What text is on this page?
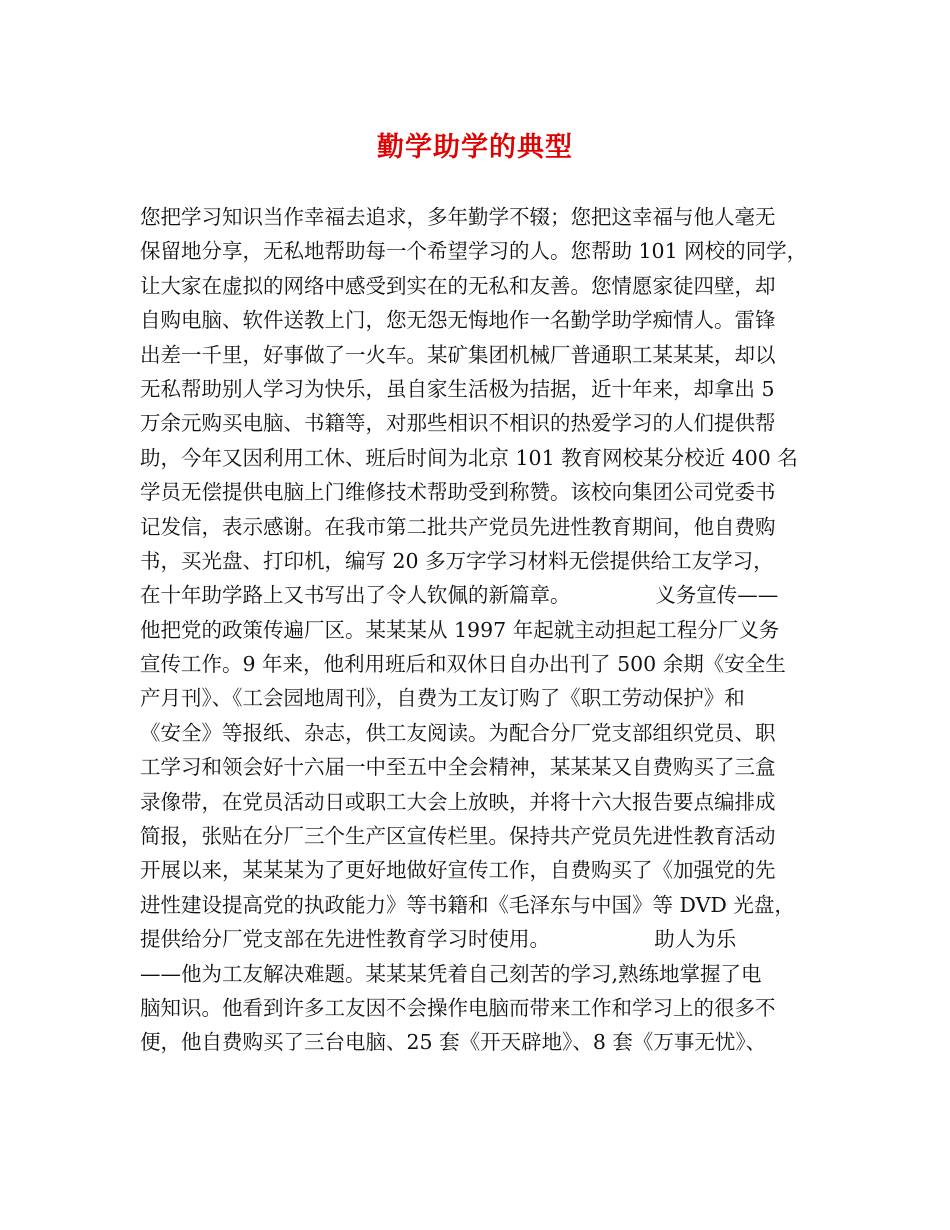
勤学助学的典型
您把学习知识当作幸福去追求，多年勤学不辍；您把这幸福与他人毫无
保留地分享，无私地帮助每一个希望学习的人。您帮助 101 网校的同学，
让大家在虚拟的网络中感受到实在的无私和友善。您情愿家徒四壁，却
自购电脑、软件送教上门，您无怨无悔地作一名勤学助学痴情人。雷锋
出差一千里，好事做了一火车。某矿集团机械厂普通职工某某某，却以
无私帮助别人学习为快乐，虽自家生活极为拮据，近十年来，却拿出 5
万余元购买电脑、书籍等，对那些相识不相识的热爱学习的人们提供帮
助，今年又因利用工休、班后时间为北京 101 教育网校某分校近 400 名
学员无偿提供电脑上门维修技术帮助受到称赞。该校向集团公司党委书
记发信，表示感谢。在我市第二批共产党员先进性教育期间，他自费购
书，买光盘、打印机，编写 20 多万字学习材料无偿提供给工友学习，
在十年助学路上又书写出了令人钦佩的新篇章。             义务宣传——
他把党的政策传遍厂区。某某某从 1997 年起就主动担起工程分厂义务
宣传工作。9 年来，他利用班后和双休日自办出刊了 500 余期《安全生
产月刊》、《工会园地周刊》，自费为工友订购了《职工劳动保护》和
《安全》等报纸、杂志，供工友阅读。为配合分厂党支部组织党员、职
工学习和领会好十六届一中至五中全会精神，某某某又自费购买了三盒
录像带，在党员活动日或职工大会上放映，并将十六大报告要点编排成
简报，张贴在分厂三个生产区宣传栏里。保持共产党员先进性教育活动
开展以来，某某某为了更好地做好宣传工作，自费购买了《加强党的先
进性建设提高党的执政能力》等书籍和《毛泽东与中国》等 DVD 光盘，
提供给分厂党支部在先进性教育学习时使用。                助人为乐
——他为工友解决难题。某某某凭着自己刻苦的学习,熟练地掌握了电
脑知识。他看到许多工友因不会操作电脑而带来工作和学习上的很多不
便，他自费购买了三台电脑、25 套《开天辟地》、8 套《万事无忧》、
